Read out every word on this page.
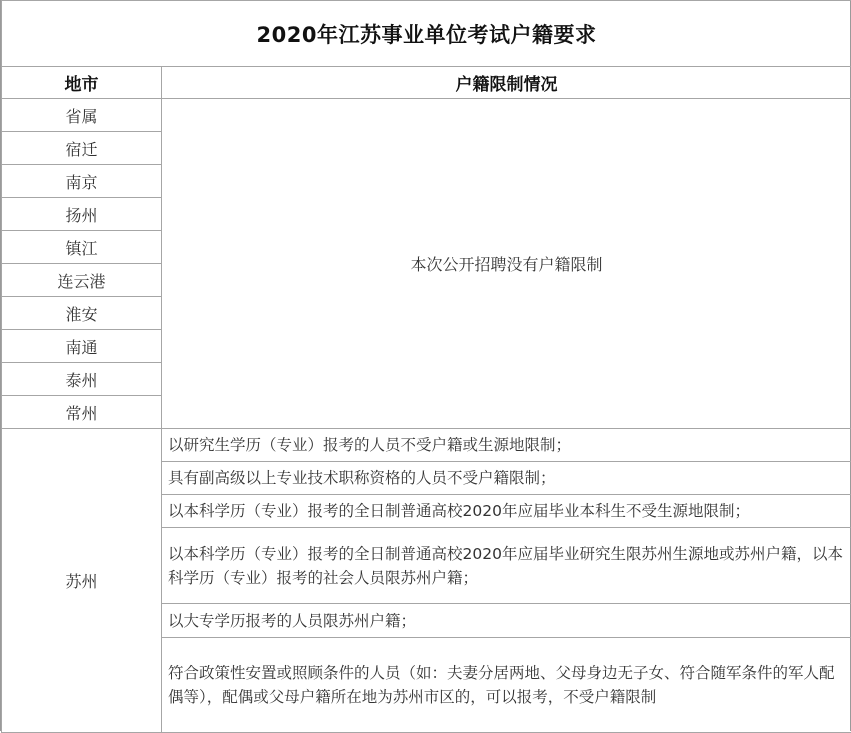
2020年江苏事业单位考试户籍要求	
地市	户籍限制情况
省属	本次公开招聘没有户籍限制
宿迁	
南京	
扬州	
镇江	
连云港	
淮安	
南通	
泰州	
常州	
苏州	以研究生学历（专业）报考的人员不受户籍或生源地限制；
	具有副高级以上专业技术职称资格的人员不受户籍限制；
	以本科学历（专业）报考的全日制普通高校2020年应届毕业本科生不受生源地限制；
	以本科学历（专业）报考的全日制普通高校2020年应届毕业研究生限苏州生源地或苏州户籍，以本科学历（专业）报考的社会人员限苏州户籍；
	以大专学历报考的人员限苏州户籍；
	符合政策性安置或照顾条件的人员（如：夫妻分居两地、父母身边无子女、符合随军条件的军人配偶等），配偶或父母户籍所在地为苏州市区的，可以报考，不受户籍限制
